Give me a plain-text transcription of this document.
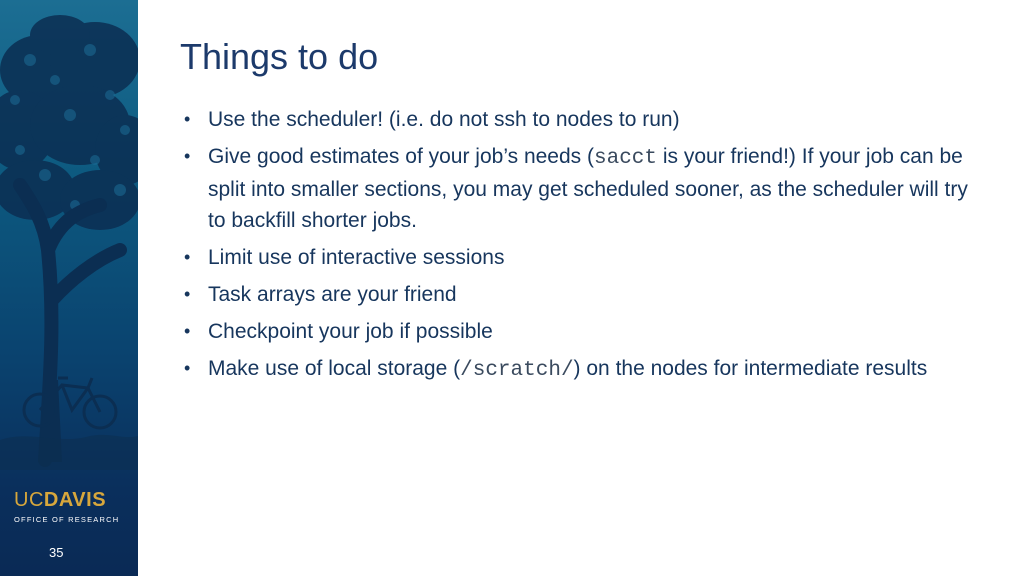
UCDAVIS
OFFICE OF RESEARCH
35
Things to do
• Use the scheduler! (i.e. do not ssh to nodes to run)
• Give good estimates of your job’s needs (sacct is your friend!) If your job can be split into smaller sections, you may get scheduled sooner, as the scheduler will try to backfill shorter jobs.
• Limit use of interactive sessions
• Task arrays are your friend
• Checkpoint your job if possible
• Make use of local storage (/scratch/) on the nodes for intermediate results
